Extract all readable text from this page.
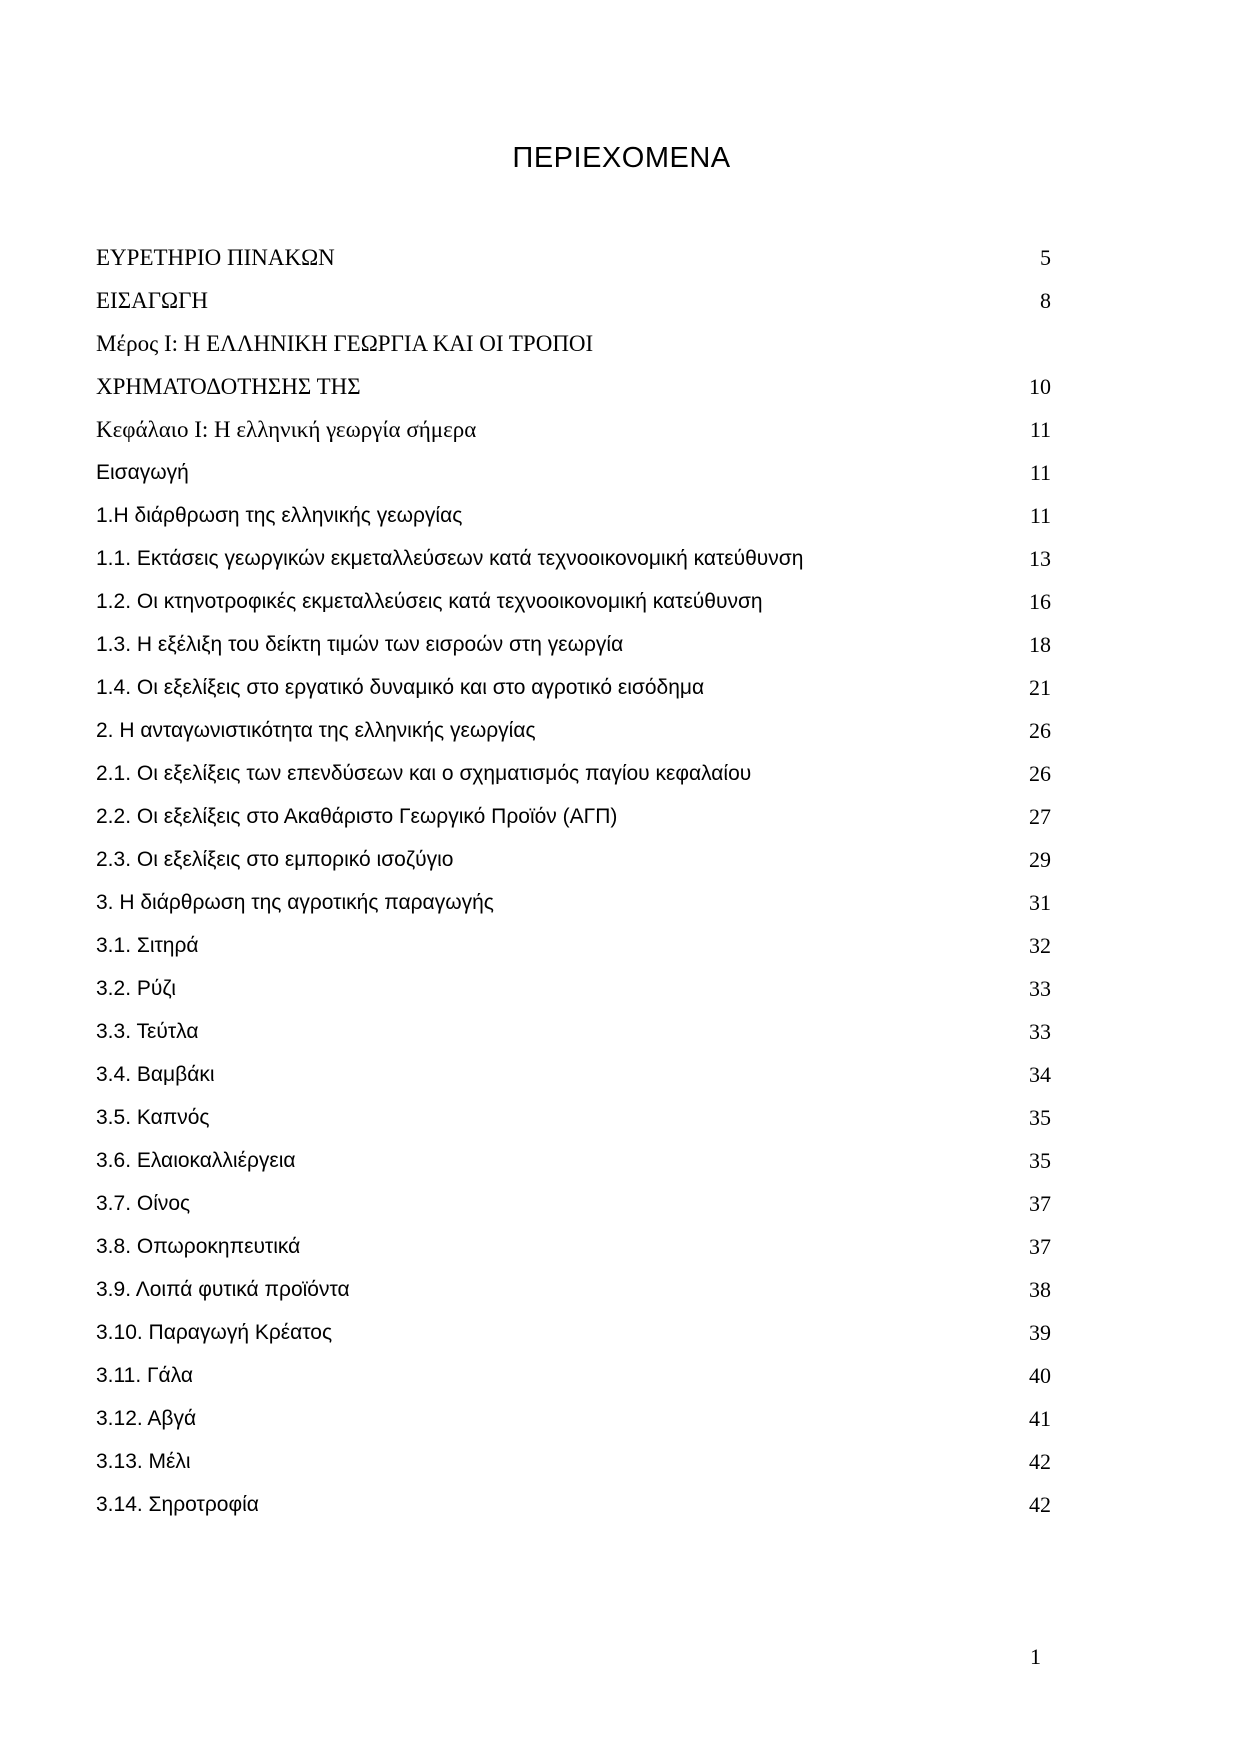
ΠΕΡΙΕΧΟΜΕΝΑ
ΕΥΡΕΤΗΡΙΟ ΠΙΝΑΚΩΝ	5
ΕΙΣΑΓΩΓΗ	8
Μέρος Ι: Η ΕΛΛΗΝΙΚΗ ΓΕΩΡΓΙΑ ΚΑΙ ΟΙ ΤΡΟΠΟΙ
ΧΡΗΜΑΤΟΔΟΤΗΣΗΣ ΤΗΣ	10
Κεφάλαιο Ι: Η ελληνική γεωργία σήμερα	11
Εισαγωγή	11
1.Η διάρθρωση της ελληνικής γεωργίας	11
1.1. Εκτάσεις γεωργικών εκμεταλλεύσεων κατά τεχνοοικονομική κατεύθυνση	13
1.2. Οι κτηνοτροφικές εκμεταλλεύσεις κατά τεχνοοικονομική κατεύθυνση	16
1.3. Η εξέλιξη του δείκτη τιμών των εισροών στη γεωργία	18
1.4. Οι εξελίξεις στο εργατικό δυναμικό και στο αγροτικό εισόδημα	21
2. Η ανταγωνιστικότητα της ελληνικής γεωργίας	26
2.1. Οι εξελίξεις των επενδύσεων και ο σχηματισμός παγίου κεφαλαίου	26
2.2. Οι εξελίξεις στο Ακαθάριστο Γεωργικό Προϊόν (ΑΓΠ)	27
2.3. Οι εξελίξεις στο εμπορικό ισοζύγιο	29
3. Η διάρθρωση της αγροτικής παραγωγής	31
3.1. Σιτηρά	32
3.2. Ρύζι	33
3.3. Τεύτλα	33
3.4. Βαμβάκι	34
3.5. Καπνός	35
3.6. Ελαιοκαλλιέργεια	35
3.7. Οίνος	37
3.8. Οπωροκηπευτικά	37
3.9. Λοιπά φυτικά προϊόντα	38
3.10. Παραγωγή Κρέατος	39
3.11. Γάλα	40
3.12. Αβγά	41
3.13. Μέλι	42
3.14. Σηροτροφία	42
1
